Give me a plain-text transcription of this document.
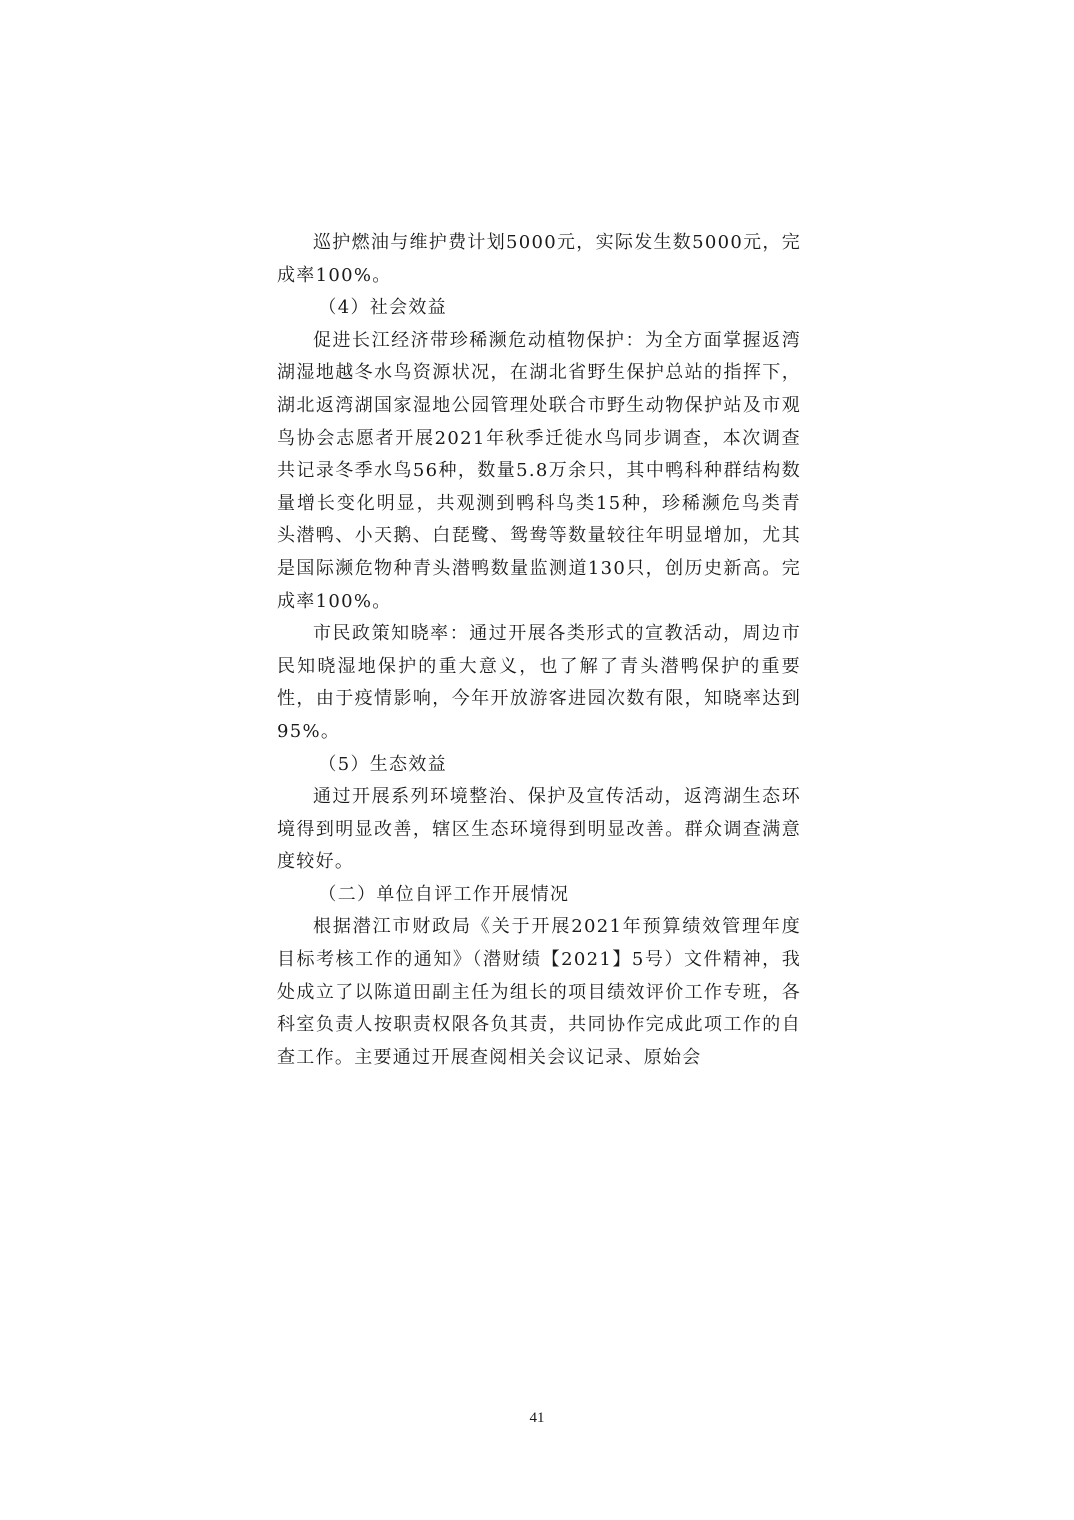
巡护燃油与维护费计划5000元，实际发生数5000元，完成率100%。

（4）社会效益

促进长江经济带珍稀濒危动植物保护：为全方面掌握返湾湖湿地越冬水鸟资源状况，在湖北省野生保护总站的指挥下，湖北返湾湖国家湿地公园管理处联合市野生动物保护站及市观鸟协会志愿者开展2021年秋季迁徙水鸟同步调查，本次调查共记录冬季水鸟56种，数量5.8万余只，其中鸭科种群结构数量增长变化明显，共观测到鸭科鸟类15种，珍稀濒危鸟类青头潜鸭、小天鹅、白琵鹭、鸳鸯等数量较往年明显增加，尤其是国际濒危物种青头潜鸭数量监测道130只，创历史新高。完成率100%。

市民政策知晓率：通过开展各类形式的宣教活动，周边市民知晓湿地保护的重大意义，也了解了青头潜鸭保护的重要性，由于疫情影响，今年开放游客进园次数有限，知晓率达到95%。

（5）生态效益

通过开展系列环境整治、保护及宣传活动，返湾湖生态环境得到明显改善，辖区生态环境得到明显改善。群众调查满意度较好。

（二）单位自评工作开展情况

根据潜江市财政局《关于开展2021年预算绩效管理年度目标考核工作的通知》（潜财绩【2021】5号）文件精神，我处成立了以陈道田副主任为组长的项目绩效评价工作专班，各科室负责人按职责权限各负其责，共同协作完成此项工作的自查工作。主要通过开展查阅相关会议记录、原始会

41
